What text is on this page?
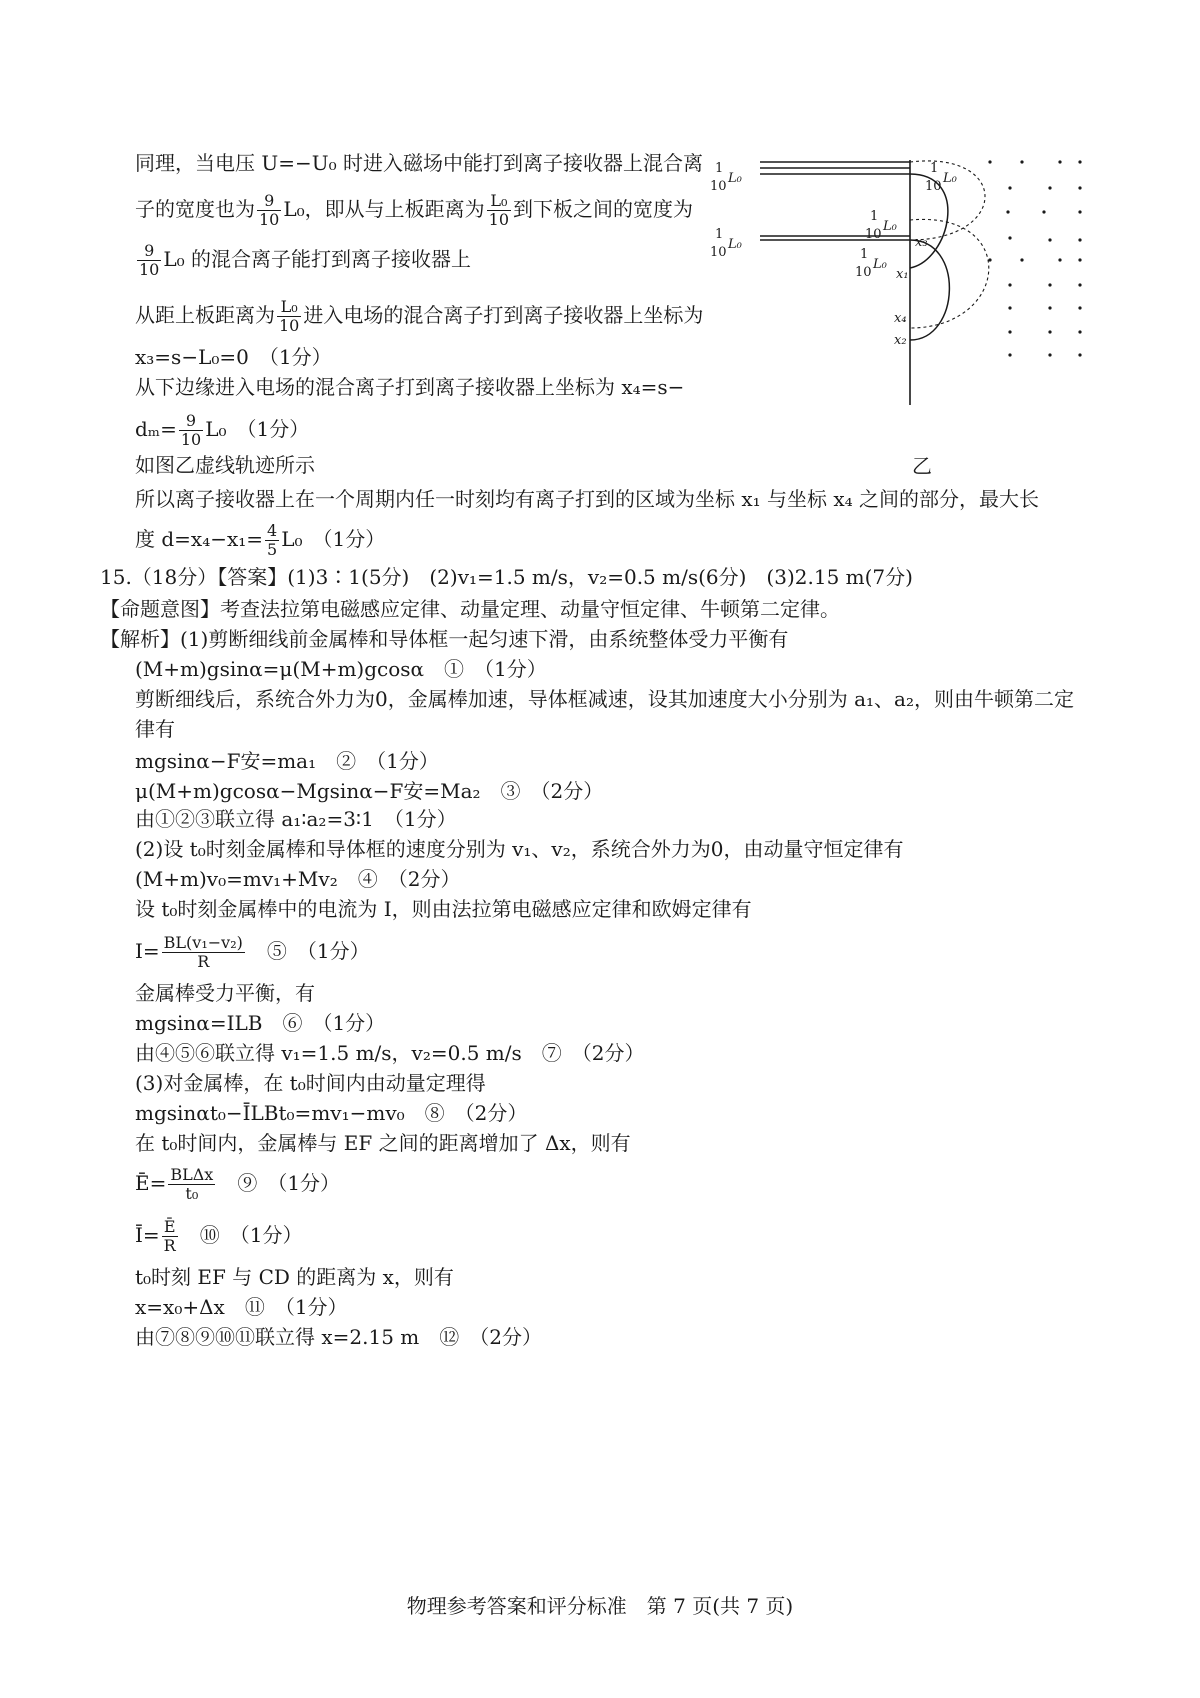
同理，当电压 U=−U₀ 时进入磁场中能打到离子接收器上混合离
子的宽度也为 $\frac{9}{10} L_0$，即从与上板距离为 $\frac{\text{L₀}}{10}$ 到下板之间的宽度为
$\frac{9}{10} L_0$ 的混合离子能打到离子接收器上
从距上板距离为 $\frac{\text{L₀}}{10}$ 进入电场的混合离子打到离子接收器上坐标为
x₃=s−L₀=0　（1分）
从下边缘进入电场的混合离子打到离子接收器上坐标为 x₄=s−
$d_m= \frac{9}{10} L_0$　（1分）
如图乙虚线轨迹所示
所以离子接收器上在一个周期内任一时刻均有离子打到的区域为坐标 x₁ 与坐标 x₄ 之间的部分，最大长
度 $d=x_4-x_1= \frac{4}{5} L_0$　（1分）
15.（18分）【答案】(1)3∶1(5分)　(2)v₁=1.5 m/s，v₂=0.5 m/s(6分)　(3)2.15 m(7分)
【命题意图】考查法拉第电磁感应定律、动量定理、动量守恒定律、牛顿第二定律。
【解析】(1)剪断细线前金属棒和导体框一起匀速下滑，由系统整体受力平衡有
(M+m)gsinα=μ(M+m)gcosα　①　（1分）
剪断细线后，系统合外力为0，金属棒加速，导体框减速，设其加速度大小分别为 a₁、a₂，则由牛顿第二定
律有
mgsinα−F安=ma₁　②　（1分）
μ(M+m)gcosα−Mgsinα−F安=Ma₂　③　（2分）
由①②③联立得 a₁∶a₂=3∶1　（1分）
(2)设 t₀时刻金属棒和导体框的速度分别为 v₁、v₂，系统合外力为0，由动量守恒定律有
(M+m)v₀=mv₁+Mv₂　④　（2分）
设 t₀时刻金属棒中的电流为 I，则由法拉第电磁感应定律和欧姆定律有
$I= \frac{\text{BL(v₁−v₂)}}{R}$
　 ⑤　（1分）
金属棒受力平衡，有
mgsinα=ILB　⑥　（1分）
由④⑤⑥联立得 v₁=1.5 m/s，v₂=0.5 m/s　⑦　（2分）
(3)对金属棒，在 t₀时间内由动量定理得
mgsinαt₀−ĪLBt₀=mv₁−mv₀　⑧　（2分）
在 t₀时间内，金属棒与 EF 之间的距离增加了 Δx，则有
Ē= $\frac{\text{BLΔx}}{\text{t₀}}$
　 ⑨　（1分）
Ī= $\frac{Ē}{R}$
　 ⑩　（1分）
t₀时刻 EF 与 CD 的距离为 x，则有
x=x₀+Δx　⑪　（1分）
由⑦⑧⑨⑩⑪联立得 x=2.15 m　⑫　（2分）
1
10
L₀
1
10
L₀
1
10
L₀
1
10
L₀
1
10
L₀
x₃
x₁
x₄
x₂
乙
物理参考答案和评分标准　第 7 页(共 7 页)
